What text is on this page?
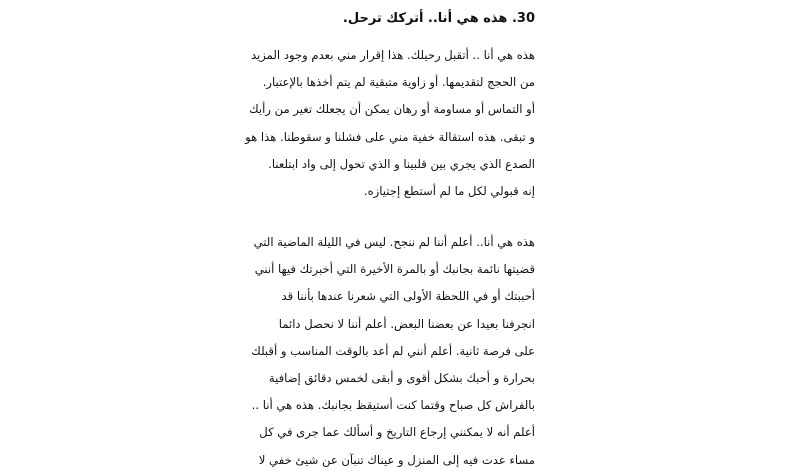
30. هذه هي أنا.. أتركك ترحل.
هذه هي أنا .. أتقبل رحيلك. هذا إقرار مني بعدم وجود المزيد
من الحجج لتقديمها. أو زاوية متبقية لم يتم أخذها بالإعتبار.
أو التماس أو مساومة أو رهان يمكن أن يجعلك تغير من رأيك
و تبقى. هذه استقالة خفية مني على فشلنا و سقوطنا. هذا هو
الصدع الذي يجري بين قلبينا و الذي تحول إلى واد ابتلعنا.
إنه قبولي لكل ما لم أستطع إجتيازه.
هذه هي أنا.. أعلم أننا لم ننجح. ليس في الليلة الماضية التي
قضيتها نائمة بجانبك أو بالمرة الأخيرة التي أخبرتك فيها أنني
أحببتك أو في اللحظة الأولى التي شعرنا عندها بأننا قد
انجرفنا بعيدا عن بعضنا البعض. أعلم أننا لا نحصل دائما
على فرصة ثانية. أعلم أنني لم أعد بالوقت المناسب و أقبلك
بحرارة و أحبك بشكل أقوى و أبقى لخمس دقائق إضافية
بالفراش كل صباح وقتما كنت أستيقظ بجانبك. هذه هي أنا ..
أعلم أنه لا يمكنني إرجاع التاريخ و أسألك عما جرى في كل
مساء عدت فيه إلى المنزل و عيناك تنبآن عن شيئ خفي لا
